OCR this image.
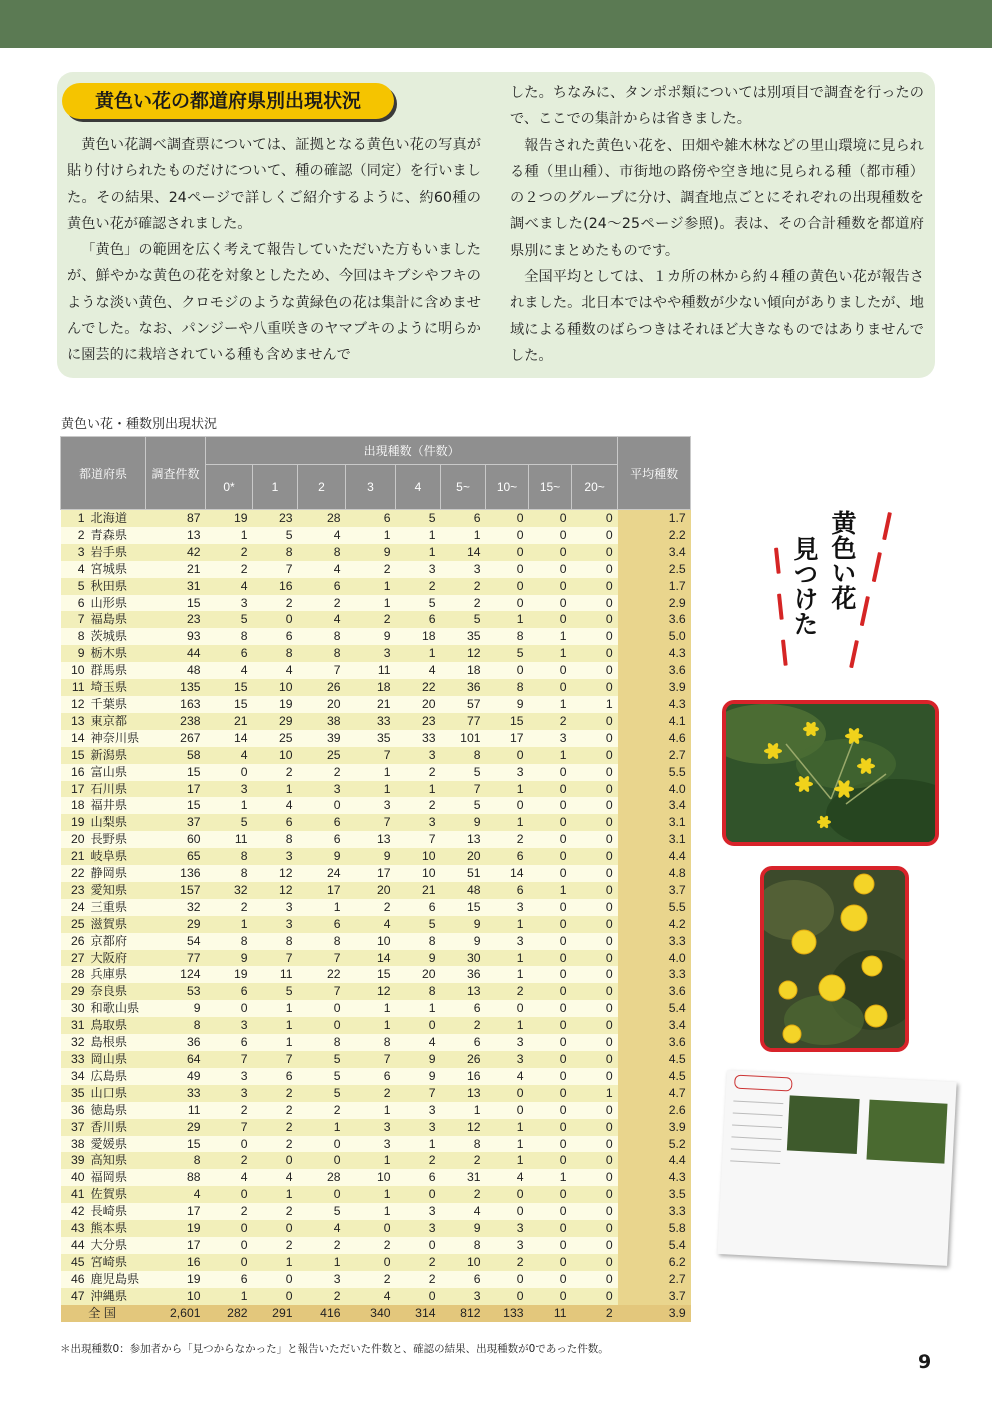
黄色い花の都道府県別出現状況

黄色い花調べ調査票については、証拠となる黄色い花の写真が貼り付けられたものだけについて、種の確認（同定）を行いました。その結果、24ページで詳しくご紹介するように、約60種の黄色い花が確認されました。

「黄色」の範囲を広く考えて報告していただいた方もいましたが、鮮やかな黄色の花を対象としたため、今回はキブシやフキのような淡い黄色、クロモジのような黄緑色の花は集計に含めませんでした。なお、パンジーや八重咲きのヤマブキのように明らかに園芸的に栽培されている種も含めませんで

した。ちなみに、タンポポ類については別項目で調査を行ったので、ここでの集計からは省きました。

報告された黄色い花を、田畑や雑木林などの里山環境に見られる種（里山種）、市街地の路傍や空き地に見られる種（都市種）の２つのグループに分け、調査地点ごとにそれぞれの出現種数を調べました(24～25ページ参照)。表は、その合計種数を都道府県別にまとめたものです。

全国平均としては、１カ所の林から約４種の黄色い花が報告されました。北日本ではやや種数が少ない傾向がありましたが、地域による種数のばらつきはそれほど大きなものではありませんでした。

黄色い花・種数別出現状況
都道府県		調査件数	出現種数（件数）									平均種数
			0*	1	2	3	4	5~	10~	15~	20~	
1	北海道	87	19	23	28	6	5	6	0	0	0	1.7
2	青森県	13	1	5	4	1	1	1	0	0	0	2.2
3	岩手県	42	2	8	8	9	1	14	0	0	0	3.4
4	宮城県	21	2	7	4	2	3	3	0	0	0	2.5
5	秋田県	31	4	16	6	1	2	2	0	0	0	1.7
6	山形県	15	3	2	2	1	5	2	0	0	0	2.9
7	福島県	23	5	0	4	2	6	5	1	0	0	3.6
8	茨城県	93	8	6	8	9	18	35	8	1	0	5.0
9	栃木県	44	6	8	8	3	1	12	5	1	0	4.3
10	群馬県	48	4	4	7	11	4	18	0	0	0	3.6
11	埼玉県	135	15	10	26	18	22	36	8	0	0	3.9
12	千葉県	163	15	19	20	21	20	57	9	1	1	4.3
13	東京都	238	21	29	38	33	23	77	15	2	0	4.1
14	神奈川県	267	14	25	39	35	33	101	17	3	0	4.6
15	新潟県	58	4	10	25	7	3	8	0	1	0	2.7
16	富山県	15	0	2	2	1	2	5	3	0	0	5.5
17	石川県	17	3	1	3	1	1	7	1	0	0	4.0
18	福井県	15	1	4	0	3	2	5	0	0	0	3.4
19	山梨県	37	5	6	6	7	3	9	1	0	0	3.1
20	長野県	60	11	8	6	13	7	13	2	0	0	3.1
21	岐阜県	65	8	3	9	9	10	20	6	0	0	4.4
22	静岡県	136	8	12	24	17	10	51	14	0	0	4.8
23	愛知県	157	32	12	17	20	21	48	6	1	0	3.7
24	三重県	32	2	3	1	2	6	15	3	0	0	5.5
25	滋賀県	29	1	3	6	4	5	9	1	0	0	4.2
26	京都府	54	8	8	8	10	8	9	3	0	0	3.3
27	大阪府	77	9	7	7	14	9	30	1	0	0	4.0
28	兵庫県	124	19	11	22	15	20	36	1	0	0	3.3
29	奈良県	53	6	5	7	12	8	13	2	0	0	3.6
30	和歌山県	9	0	1	0	1	1	6	0	0	0	5.4
31	鳥取県	8	3	1	0	1	0	2	1	0	0	3.4
32	島根県	36	6	1	8	8	4	6	3	0	0	3.6
33	岡山県	64	7	7	5	7	9	26	3	0	0	4.5
34	広島県	49	3	6	5	6	9	16	4	0	0	4.5
35	山口県	33	3	2	5	2	7	13	0	0	1	4.7
36	徳島県	11	2	2	2	1	3	1	0	0	0	2.6
37	香川県	29	7	2	1	3	3	12	1	0	0	3.9
38	愛媛県	15	0	2	0	3	1	8	1	0	0	5.2
39	高知県	8	2	0	0	1	2	2	1	0	0	4.4
40	福岡県	88	4	4	28	10	6	31	4	1	0	4.3
41	佐賀県	4	0	1	0	1	0	2	0	0	0	3.5
42	長崎県	17	2	2	5	1	3	4	0	0	0	3.3
43	熊本県	19	0	0	4	0	3	9	3	0	0	5.8
44	大分県	17	0	2	2	2	0	8	3	0	0	5.4
45	宮崎県	16	0	1	1	0	2	10	2	0	0	6.2
46	鹿児島県	19	6	0	3	2	2	6	0	0	0	2.7
47	沖縄県	10	1	0	2	4	0	3	0	0	0	3.7
全 国		2,601	282	291	416	340	314	812	133	11	2	3.9
＊出現種数0：参加者から「見つからなかった」と報告いただいた件数と、確認の結果、出現種数が0であった件数。
9
黄色い花
見つけた
